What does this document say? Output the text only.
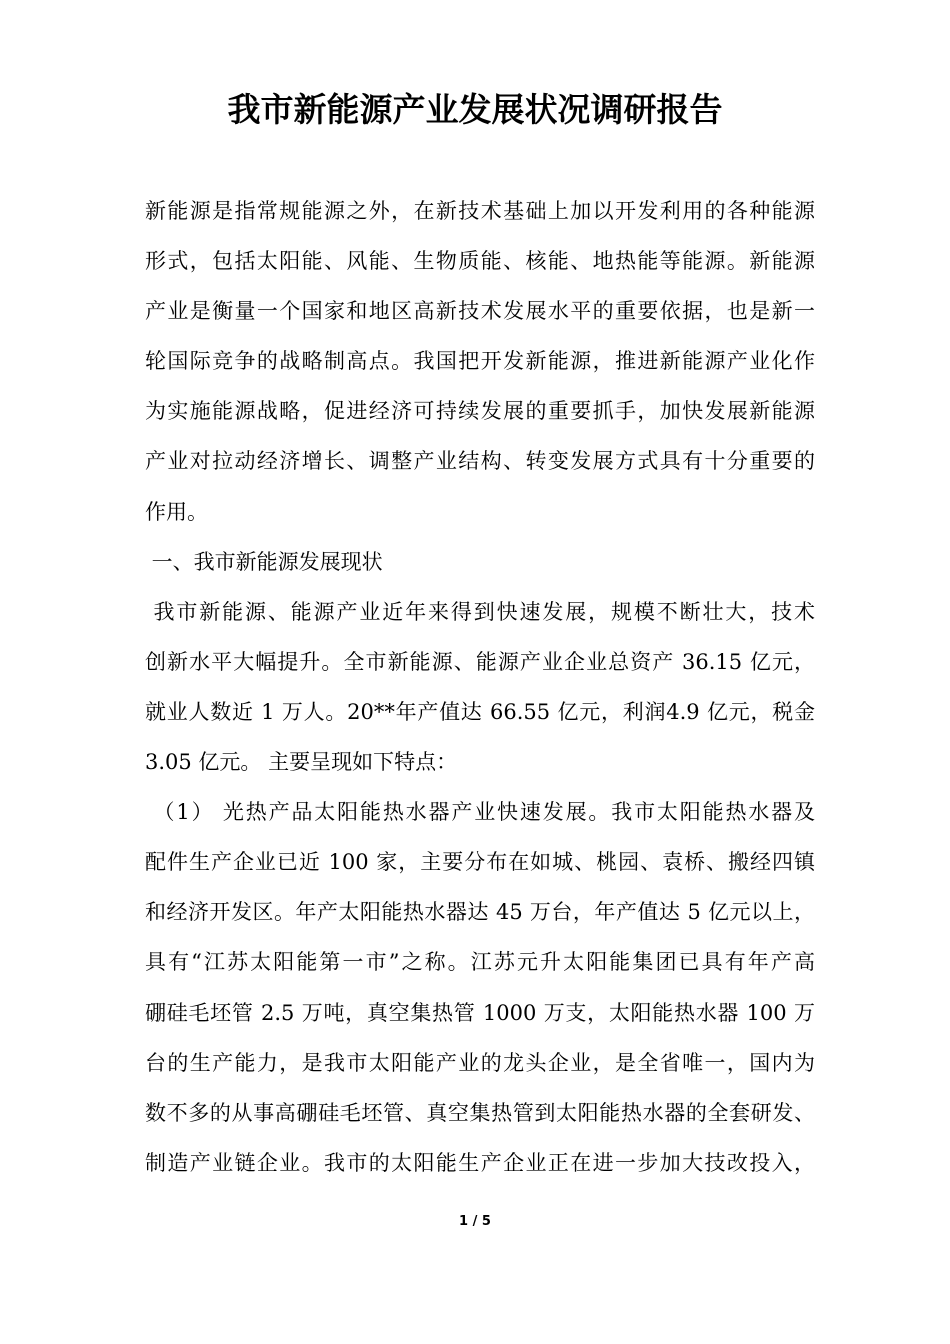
我市新能源产业发展状况调研报告
新能源是指常规能源之外，在新技术基础上加以开发利用的各种能源
形式，包括太阳能、风能、生物质能、核能、地热能等能源。新能源
产业是衡量一个国家和地区高新技术发展水平的重要依据，也是新一
轮国际竞争的战略制高点。我国把开发新能源，推进新能源产业化作
为实施能源战略，促进经济可持续发展的重要抓手，加快发展新能源
产业对拉动经济增长、调整产业结构、转变发展方式具有十分重要的
作用。
一、我市新能源发展现状
我市新能源、能源产业近年来得到快速发展，规模不断壮大，技术
创新水平大幅提升。全市新能源、能源产业企业总资产 36.15 亿元，
就业人数近 1 万人。20**年产值达 66.55 亿元，利润4.9 亿元，税金
3.05 亿元。 主要呈现如下特点：
（1） 光热产品太阳能热水器产业快速发展。我市太阳能热水器及
配件生产企业已近 100 家，主要分布在如城、桃园、袁桥、搬经四镇
和经济开发区。年产太阳能热水器达 45 万台，年产值达 5 亿元以上，
具有“江苏太阳能第一市”之称。江苏元升太阳能集团已具有年产高
硼硅毛坯管 2.5 万吨，真空集热管 1000 万支，太阳能热水器 100 万
台的生产能力，是我市太阳能产业的龙头企业，是全省唯一，国内为
数不多的从事高硼硅毛坯管、真空集热管到太阳能热水器的全套研发、
制造产业链企业。我市的太阳能生产企业正在进一步加大技改投入，
1 / 5
